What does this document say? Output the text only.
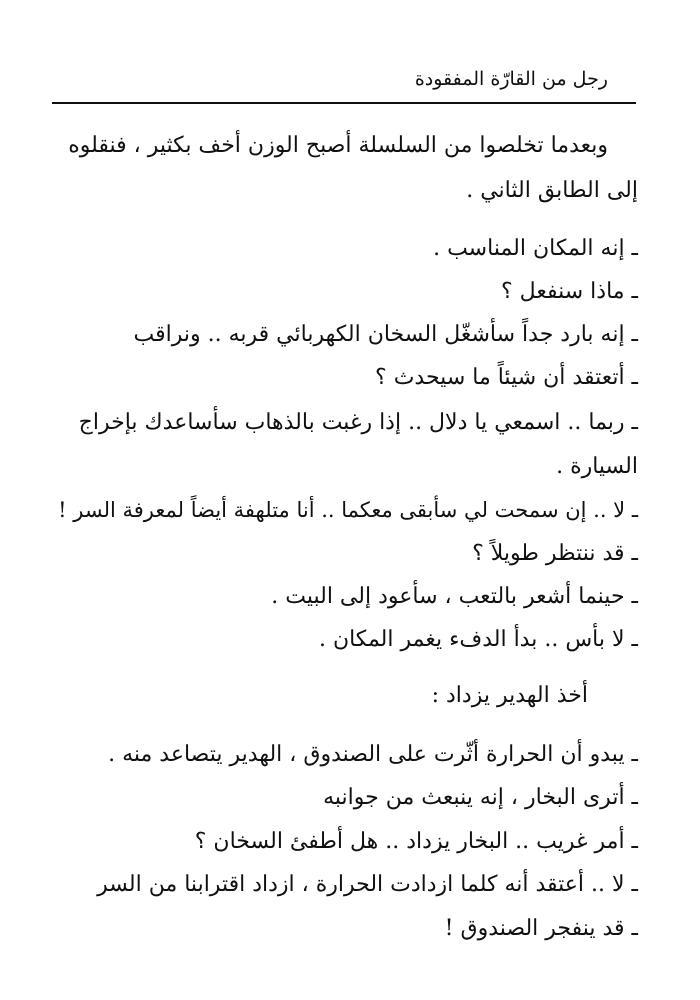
رجل من القارّة المفقودة
وبعدما تخلصوا من السلسلة أصبح الوزن أخف بكثير ، فنقلوه
إلى الطابق الثاني .
ـ إنه المكان المناسب .
ـ ماذا سنفعل ؟
ـ إنه بارد جداً سأشغّل السخان الكهربائي قربه .. ونراقب
ـ أتعتقد أن شيئاً ما سيحدث ؟
ـ ربما .. اسمعي يا دلال .. إذا رغبت بالذهاب سأساعدك بإخراج
السيارة .
ـ لا .. إن سمحت لي سأبقى معكما .. أنا متلهفة أيضاً لمعرفة السر !
ـ قد ننتظر طويلاً ؟
ـ حينما أشعر بالتعب ، سأعود إلى البيت .
ـ لا بأس .. بدأ الدفء يغمر المكان .
أخذ الهدير يزداد :
ـ يبدو أن الحرارة أثّرت على الصندوق ، الهدير يتصاعد منه .
ـ أترى البخار ، إنه ينبعث من جوانبه
ـ أمر غريب .. البخار يزداد .. هل أطفئ السخان ؟
ـ لا .. أعتقد أنه كلما ازدادت الحرارة ، ازداد اقترابنا من السر
ـ قد ينفجر الصندوق !
